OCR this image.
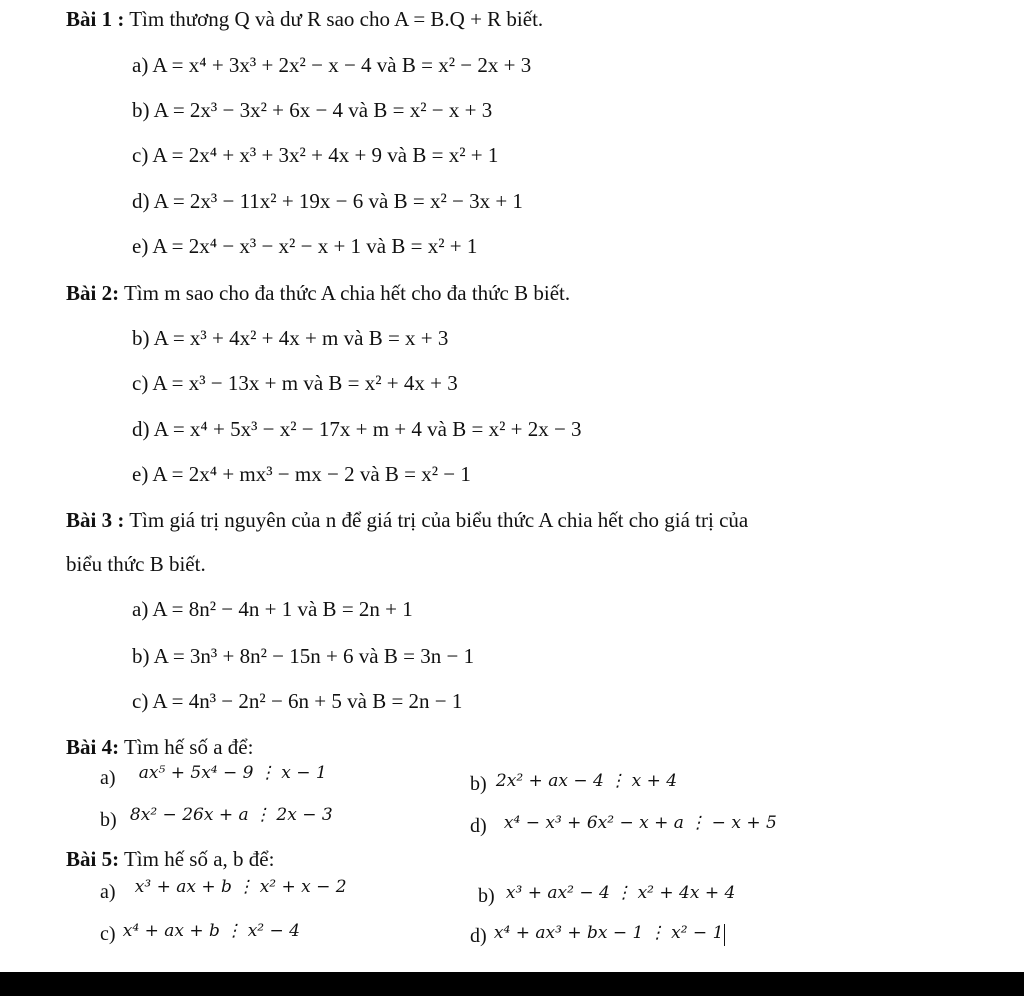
Bài 1 : Tìm thương Q và dư R sao cho A = B.Q + R biết.
a) A = x⁴ + 3x³ + 2x² − x − 4 và B = x² − 2x + 3
b) A = 2x³ − 3x² + 6x − 4 và B = x² − x + 3
c) A = 2x⁴ + x³ + 3x² + 4x + 9 và B = x² + 1
d) A = 2x³ − 11x² + 19x − 6 và B = x² − 3x + 1
e) A = 2x⁴ − x³ − x² − x + 1 và B = x² + 1
Bài 2: Tìm m sao cho đa thức A chia hết cho đa thức B biết.
b) A = x³ + 4x² + 4x + m và B = x + 3
c) A = x³ − 13x + m và B = x² + 4x + 3
d) A = x⁴ + 5x³ − x² − 17x + m + 4 và B = x² + 2x − 3
e) A = 2x⁴ + mx³ − mx − 2 và B = x² − 1
Bài 3 : Tìm giá trị nguyên của n để giá trị của biểu thức A chia hết cho giá trị của
biểu thức B biết.
a) A = 8n² − 4n + 1 và B = 2n + 1
b) A = 3n³ + 8n² − 15n + 6 và B = 3n − 1
c) A = 4n³ − 2n² − 6n + 5 và B = 2n − 1
Bài 4: Tìm hế số a để:
a) $^{ax^5 + 5x^4 - 9 ⋮ x - 1}$	b) 2x² + ax − 4 ⋮ x + 4
b) $^{8x^2 - 26x + a ⋮ 2x - 3}$	d) x⁴ − x³ + 6x² − x + a ⋮ − x + 5
Bài 5: Tìm hế số a, b để:
a) $^{x^3 + ax + b ⋮ x^2 + x - 2}$	b) x³ + ax² − 4 ⋮ x² + 4x + 4
c) x⁴ + ax + b ⋮ x² − 4	d) x⁴ + ax³ + bx − 1 ⋮ x² − 1
